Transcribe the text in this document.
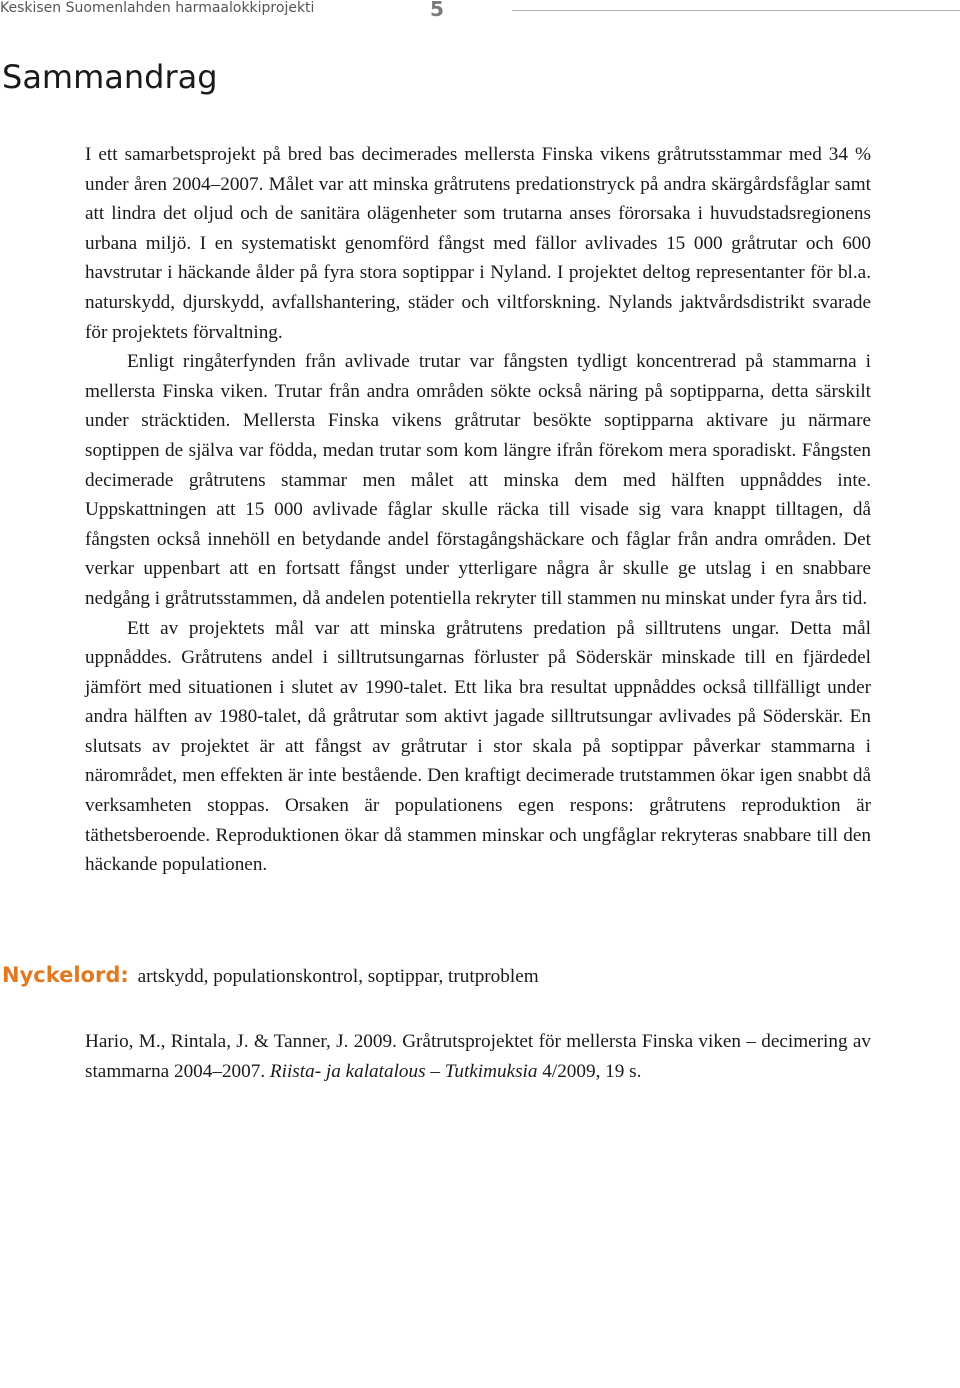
Keskisen Suomenlahden harmaalokkiprojekti	5
Sammandrag

I ett samarbetsprojekt på bred bas decimerades mellersta Finska vikens gråtrutsstammar med 34 % under åren 2004–2007. Målet var att minska gråtrutens predationstryck på andra skärgårdsfåglar samt att lindra det oljud och de sanitära olägenheter som trutarna anses förorsaka i huvudstadsregionens urbana miljö. I en systematiskt genomförd fångst med fällor avlivades 15 000 gråtrutar och 600 havstrutar i häckande ålder på fyra stora soptippar i Nyland. I projektet deltog representanter för bl.a. naturskydd, djurskydd, avfallshantering, städer och viltforskning. Nylands jaktvårdsdistrikt svarade för projektets förvaltning.

Enligt ringåterfynden från avlivade trutar var fångsten tydligt koncentrerad på stammarna i mellersta Finska viken. Trutar från andra områden sökte också näring på soptipparna, detta särskilt under sträcktiden. Mellersta Finska vikens gråtrutar besökte soptipparna aktivare ju närmare soptippen de själva var födda, medan trutar som kom längre ifrån förekom mera sporadiskt. Fångsten decimerade gråtrutens stammar men målet att minska dem med hälften uppnåddes inte. Uppskattningen att 15 000 avlivade fåglar skulle räcka till visade sig vara knappt tilltagen, då fångsten också innehöll en betydande andel förstagångshäckare och fåglar från andra områden. Det verkar uppenbart att en fortsatt fångst under ytterligare några år skulle ge utslag i en snabbare nedgång i gråtrutsstammen, då andelen potentiella rekryter till stammen nu minskat under fyra års tid.

Ett av projektets mål var att minska gråtrutens predation på silltrutens ungar. Detta mål uppnåddes. Gråtrutens andel i silltrutsungarnas förluster på Söderskär minskade till en fjärdedel jämfört med situationen i slutet av 1990-talet. Ett lika bra resultat uppnåddes också tillfälligt under andra hälften av 1980-talet, då gråtrutar som aktivt jagade silltrutsungar avlivades på Söderskär. En slutsats av projektet är att fångst av gråtrutar i stor skala på soptippar påverkar stammarna i närområdet, men effekten är inte bestående. Den kraftigt decimerade trutstammen ökar igen snabbt då verksamheten stoppas. Orsaken är populationens egen respons: gråtrutens reproduktion är täthetsberoende. Reproduktionen ökar då stammen minskar och ungfåglar rekryteras snabbare till den häckande populationen.

Nyckelord: artskydd, populationskontrol, soptippar, trutproblem

Hario, M., Rintala, J. & Tanner, J. 2009. Gråtrutsprojektet för mellersta Finska viken – decimering av stammarna 2004–2007. Riista- ja kalatalous – Tutkimuksia 4/2009, 19 s.
